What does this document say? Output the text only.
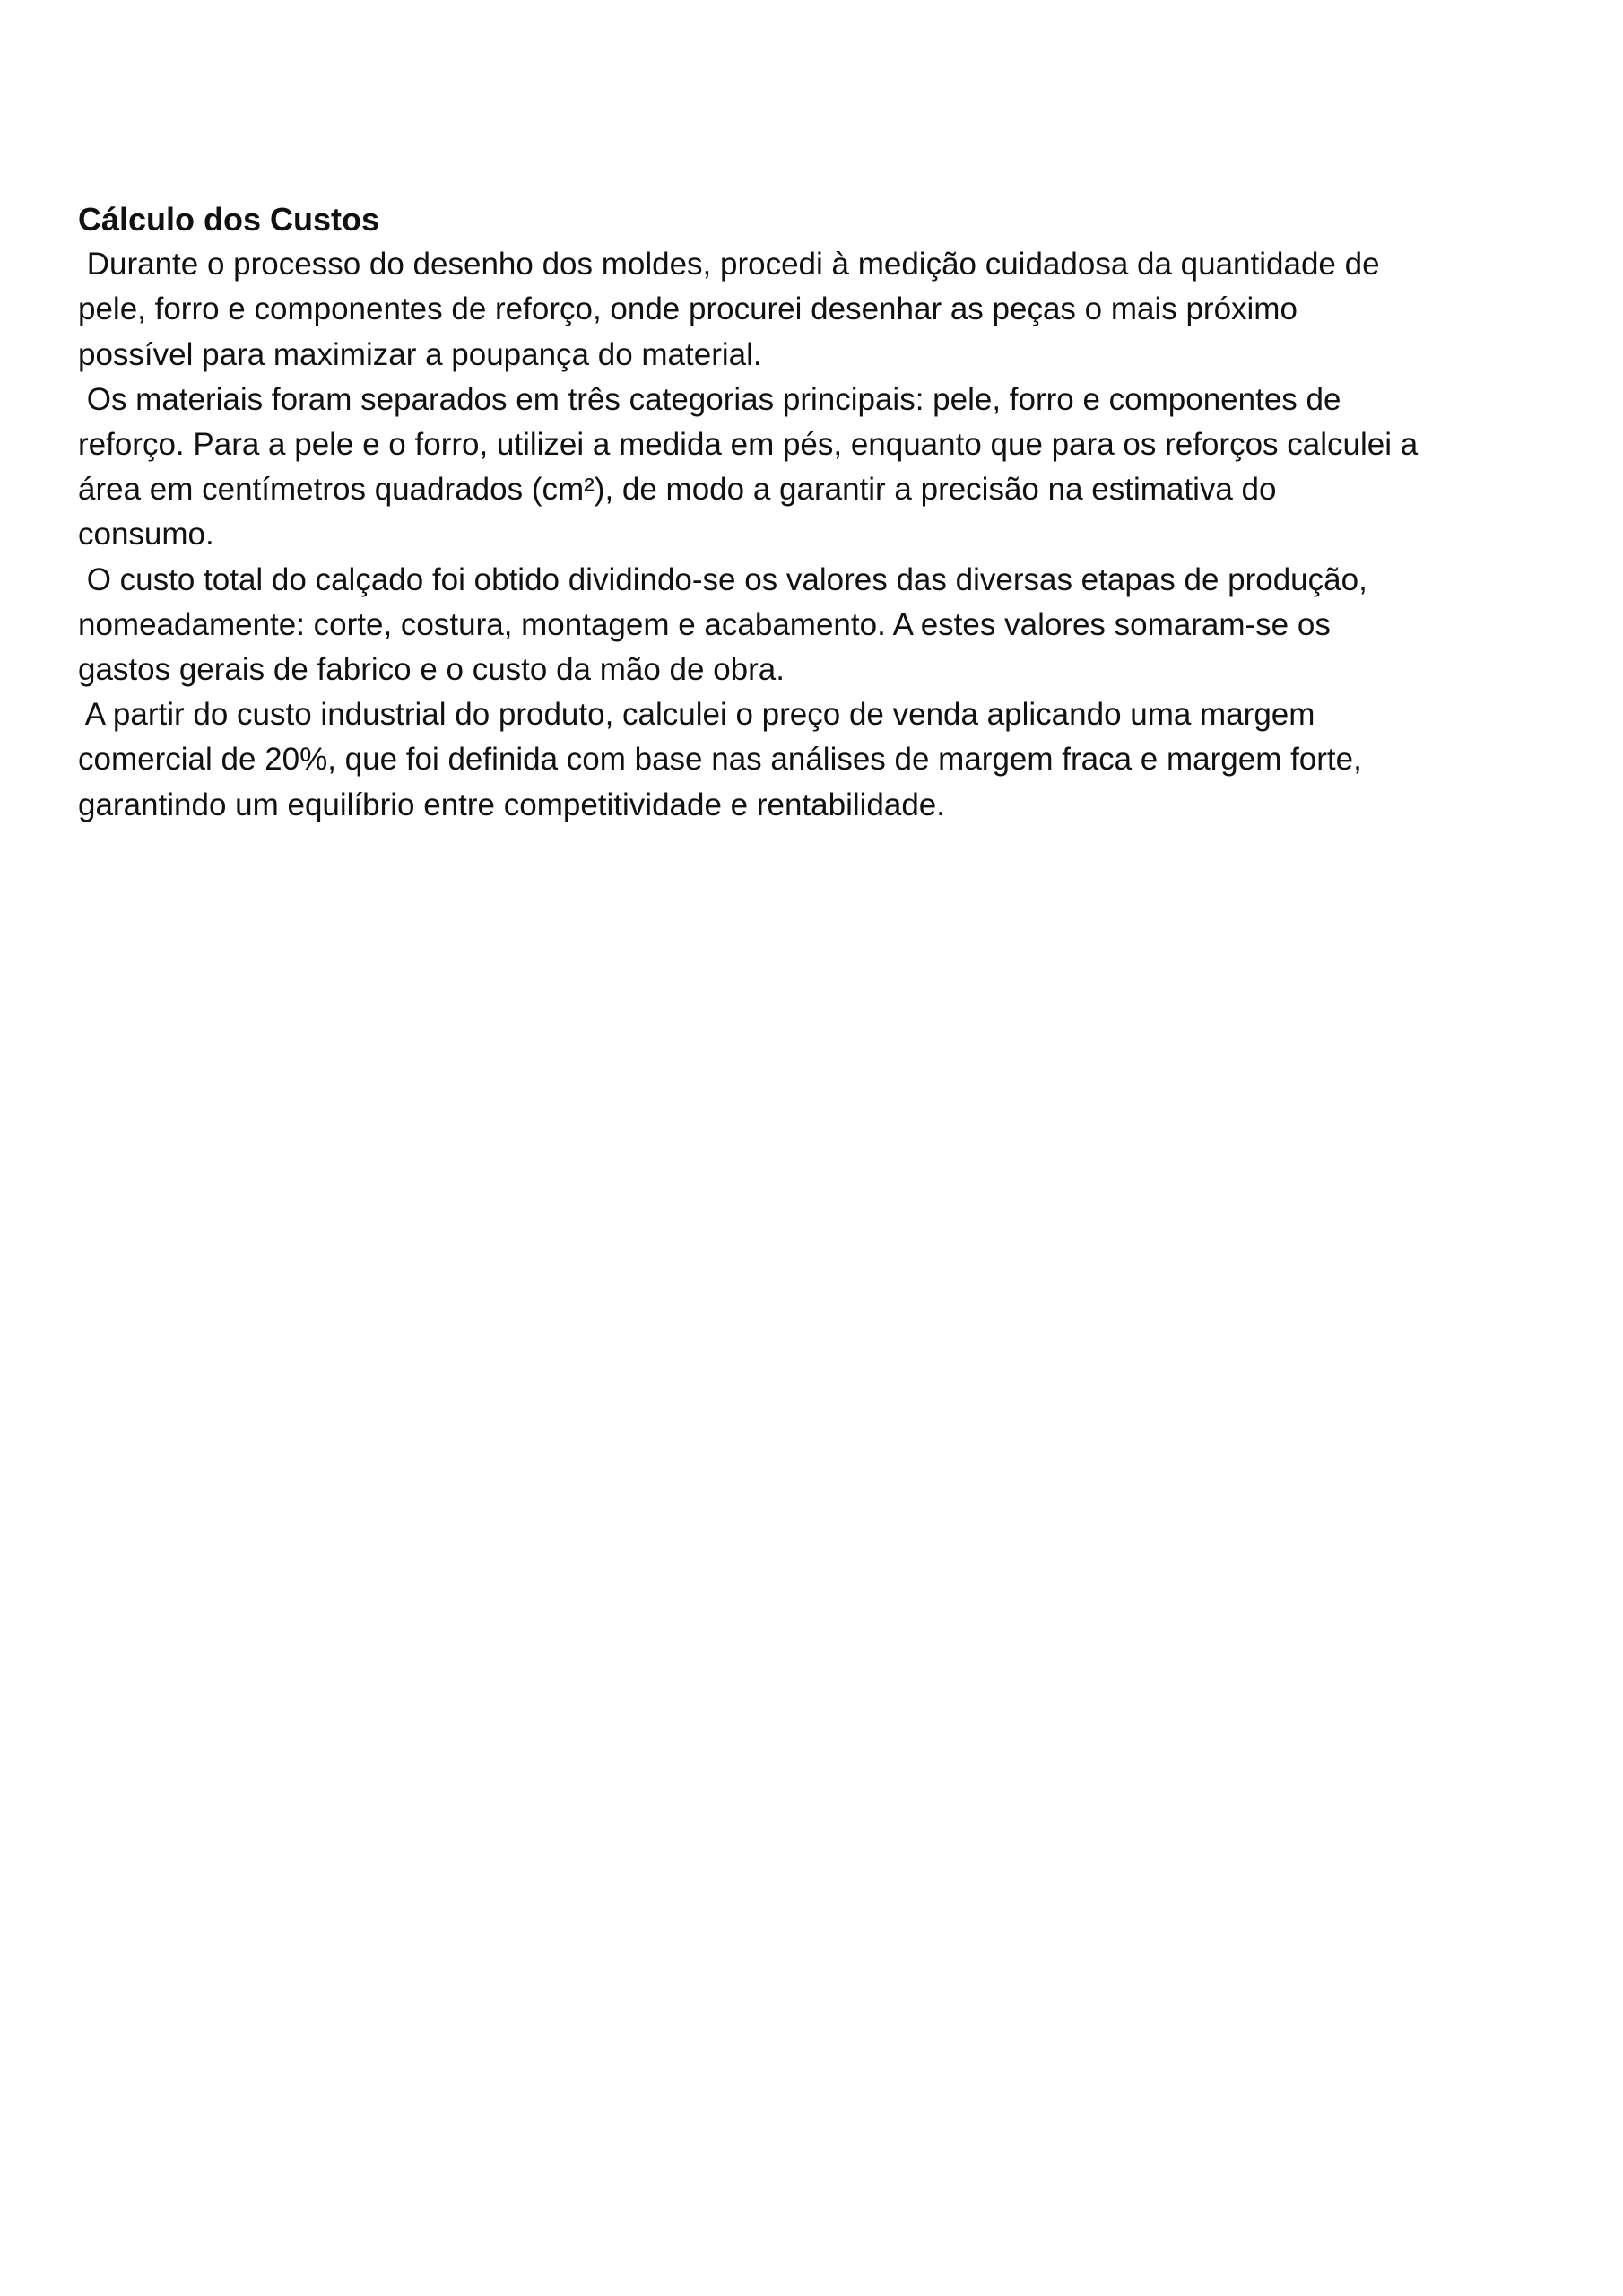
Cálculo dos Custos
Durante o processo do desenho dos moldes, procedi à medição cuidadosa da quantidade de
pele, forro e componentes de reforço, onde procurei desenhar as peças o mais próximo
possível para maximizar a poupança do material.
Os materiais foram separados em três categorias principais: pele, forro e componentes de
reforço. Para a pele e o forro, utilizei a medida em pés, enquanto que para os reforços calculei a
área em centímetros quadrados (cm²), de modo a garantir a precisão na estimativa do
consumo.
O custo total do calçado foi obtido dividindo-se os valores das diversas etapas de produção,
nomeadamente: corte, costura, montagem e acabamento. A estes valores somaram-se os
gastos gerais de fabrico e o custo da mão de obra.
A partir do custo industrial do produto, calculei o preço de venda aplicando uma margem
comercial de 20%, que foi definida com base nas análises de margem fraca e margem forte,
garantindo um equilíbrio entre competitividade e rentabilidade.
